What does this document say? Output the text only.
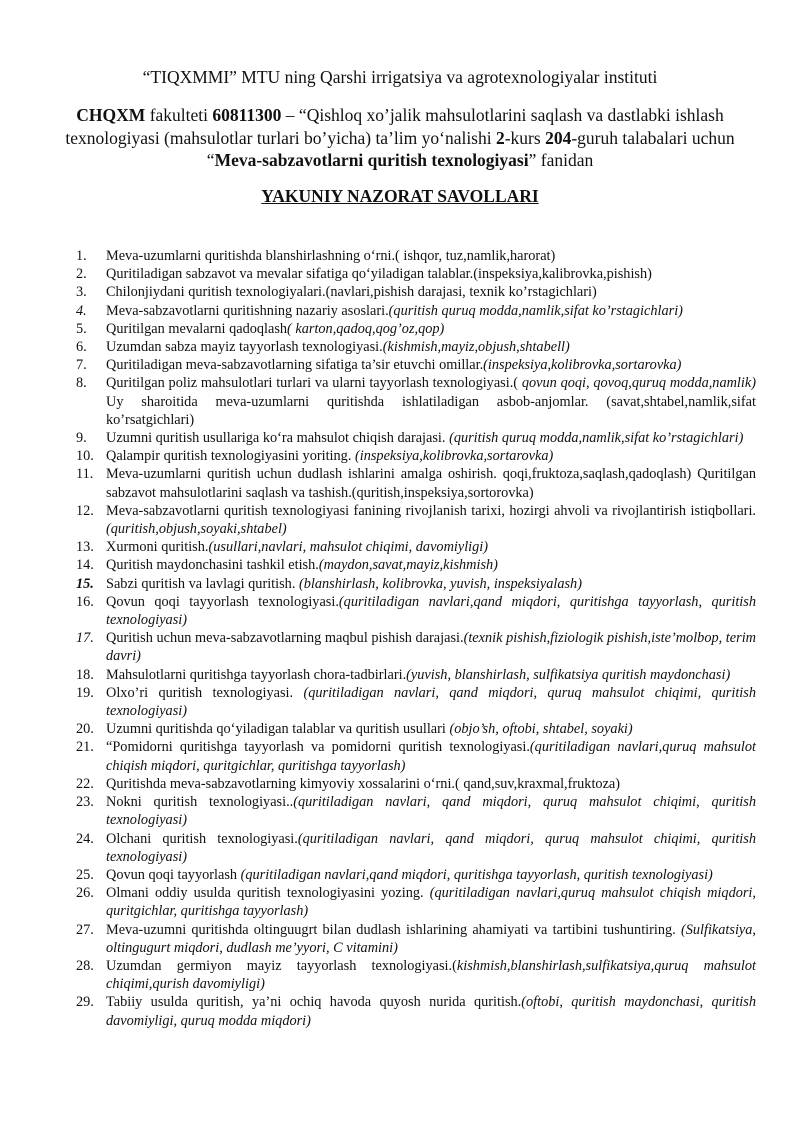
“TIQXMMI” MTU ning Qarshi irrigatsiya va agrotexnologiyalar instituti
CHQXM fakulteti 60811300 – “Qishloq xo’jalik mahsulotlarini saqlash va dastlabki ishlash texnologiyasi (mahsulotlar turlari bo’yicha) ta’lim yo‘nalishi 2-kurs 204-guruh talabalari uchun “Meva-sabzavotlarni quritish texnologiyasi” fanidan
YAKUNIY NAZORAT SAVOLLARI
1.	Meva-uzumlarni quritishda blanshirlashning o‘rni.( ishqor, tuz,namlik,harorat)
2.	Quritiladigan sabzavot va mevalar sifatiga qo‘yiladigan talablar.(inspeksiya,kalibrovka,pishish)
3.	Chilonjiydani quritish texnologiyalari.(navlari,pishish darajasi, texnik ko’rstagichlari)
4.	Meva-sabzavotlarni quritishning nazariy asoslari.(quritish quruq modda,namlik,sifat ko’rstagichlari)
5.	Quritilgan mevalarni qadoqlash( karton,qadoq,qog’oz,qop)
6.	Uzumdan sabza mayiz tayyorlash texnologiyasi.(kishmish,mayiz,objush,shtabell)
7.	Quritiladigan meva-sabzavotlarning sifatiga ta’sir etuvchi omillar.(inspeksiya,kolibrovka,sortarovka)
8.	Quritilgan poliz mahsulotlari turlari va ularni tayyorlash texnologiyasi.( qovun qoqi, qovoq,quruq modda,namlik) Uy sharoitida meva-uzumlarni quritishda ishlatiladigan asbob-anjomlar. (savat,shtabel,namlik,sifat ko’rsatgichlari)
9.	Uzumni quritish usullariga ko‘ra mahsulot chiqish darajasi. (quritish quruq modda,namlik,sifat ko’rstagichlari)
10. Qalampir quritish texnologiyasini yoriting. (inspeksiya,kolibrovka,sortarovka)
11. Meva-uzumlarni quritish uchun dudlash ishlarini amalga oshirish. qoqi,fruktoza,saqlash,qadoqlash) Quritilgan sabzavot mahsulotlarini saqlash va tashish.(quritish,inspeksiya,sortorovka)
12. Meva-sabzavotlarni quritish texnologiyasi fanining rivojlanish tarixi, hozirgi ahvoli va rivojlantirish istiqbollari.(quritish,objush,soyaki,shtabel)
13. Xurmoni quritish.(usullari,navlari, mahsulot chiqimi, davomiyligi)
14. Quritish maydonchasini tashkil etish.(maydon,savat,mayiz,kishmish)
15. Sabzi quritish va lavlagi quritish. (blanshirlash, kolibrovka, yuvish, inspeksiyalash)
16. Qovun qoqi tayyorlash texnologiyasi.(quritiladigan navlari,qand miqdori, quritishga tayyorlash, quritish texnologiyasi)
17. Quritish uchun meva-sabzavotlarning maqbul pishish darajasi.(texnik pishish,fiziologik pishish,iste’molbop, terim davri)
18. Mahsulotlarni quritishga tayyorlash chora-tadbirlari.(yuvish, blanshirlash, sulfikatsiya quritish maydonchasi)
19. Olxo’ri quritish texnologiyasi. (quritiladigan navlari, qand miqdori, quruq mahsulot chiqimi, quritish texnologiyasi)
20. Uzumni quritishda qo‘yiladigan talablar va quritish usullari (objo’sh, oftobi, shtabel, soyaki)
21. “Pomidorni quritishga tayyorlash va pomidorni quritish texnologiyasi.(quritiladigan navlari,quruq mahsulot chiqish miqdori, quritgichlar, quritishga tayyorlash)
22. Quritishda meva-sabzavotlarning kimyoviy xossalarini o‘rni.( qand,suv,kraxmal,fruktoza)
23. Nokni quritish texnologiyasi..(quritiladigan navlari, qand miqdori, quruq mahsulot chiqimi, quritish texnologiyasi)
24. Olchani quritish texnologiyasi.(quritiladigan navlari, qand miqdori, quruq mahsulot chiqimi, quritish texnologiyasi)
25. Qovun qoqi tayyorlash (quritiladigan navlari,qand miqdori, quritishga tayyorlash, quritish texnologiyasi)
26. Olmani oddiy usulda quritish texnologiyasini yozing. (quritiladigan navlari,quruq mahsulot chiqish miqdori, quritgichlar, quritishga tayyorlash)
27. Meva-uzumni quritishda oltinguugrt bilan dudlash ishlarining ahamiyati va tartibini tushuntiring. (Sulfikatsiya, oltingugurt miqdori, dudlash me’yyori, C vitamini)
28. Uzumdan germiyon mayiz tayyorlash texnologiyasi.(kishmish,blanshirlash,sulfikatsiya,quruq mahsulot chiqimi,qurish davomiyligi)
29. Tabiiy usulda quritish, ya’ni ochiq havoda quyosh nurida quritish.(oftobi, quritish maydonchasi, quritish davomiyligi, quruq modda miqdori)
